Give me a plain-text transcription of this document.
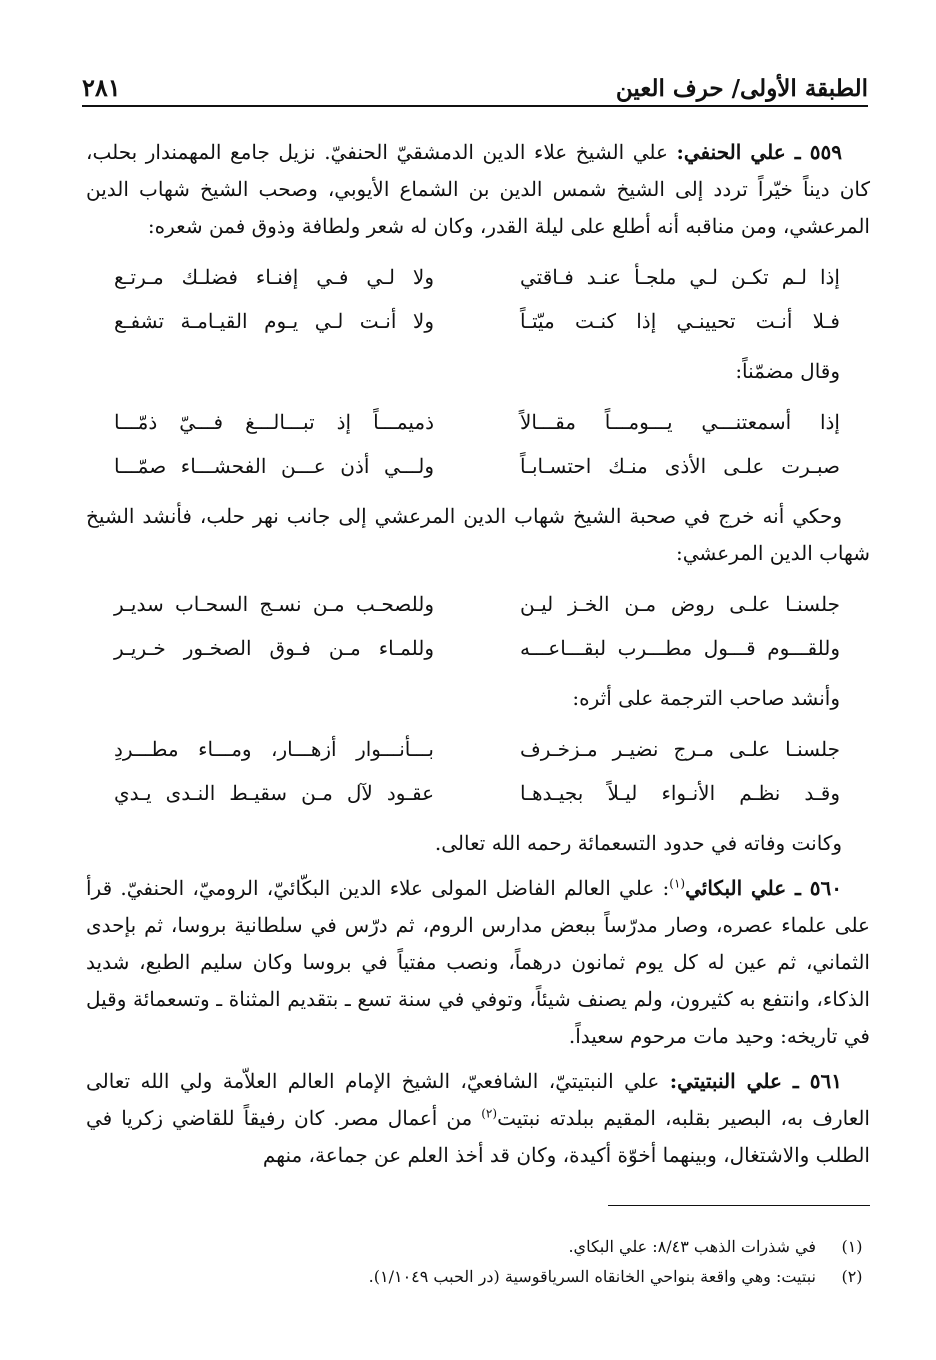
الطبقة الأولى/ حرف العين
٢٨١

٥٥٩ ـ علي الحنفي: علي الشيخ علاء الدين الدمشقيّ الحنفيّ. نزيل جامع المهمندار بحلب، كان ديناً خيّراً تردد إلى الشيخ شمس الدين بن الشماع الأيوبي، وصحب الشيخ شهاب الدين المرعشي، ومن مناقبه أنه أطلع على ليلة القدر، وكان له شعر ولطافة وذوق فمن شعره:

إذا لـم تكـن لـي ملجـأ عنـد فـاقتي
ولا لـي فـي إفنـاء فضلـك مـرتـع
فـلا أنـت تحيينـي إذا كنـت ميّتـاً
ولا أنـت لـي يـوم القيـامـة تشفـع
وقال مضمّناً:
إذا أسمعتنـــي يـــومـــاً مقـــالاً
ذميمـــاً إذ تبـــالـــغ فـــيّ ذمّـــا
صبـرت علـى الأذى منـك احتسـابـاً
ولـــي أذن عـــن الفحشـــاء صمّـــا

وحكي أنه خرج في صحبة الشيخ شهاب الدين المرعشي إلى جانب نهر حلب، فأنشد الشيخ شهاب الدين المرعشي:

جلسنـا علـى روض مـن الخـز ليـن
وللصحـب مـن نسـج السحـاب سديـر
وللقـــوم قـــول مطـــرب لبقـــاعـــه
وللمـاء مـن فـوق الصخـور خـريـر
وأنشد صاحب الترجمة على أثره:
جلسنـا علـى مـرج نضيـر مـزخـرف
بـــأنـــوار أزهـــار، ومـــاء مطـــردِ
وقـد نظـم الأنـواء ليـلاً بجيـدهـا
عقـود لآل مـن سقيـط النـدى يـدي

وكانت وفاته في حدود التسعمائة رحمه الله تعالى.

٥٦٠ ـ علي البكائي$^{(١)}$: علي العالم الفاضل المولى علاء الدين البكّائيّ، الروميّ، الحنفيّ. قرأ على علماء عصره، وصار مدرّساً ببعض مدارس الروم، ثم درّس في سلطانية بروسا، ثم بإحدى الثماني، ثم عين له كل يوم ثمانون درهماً، ونصب مفتياً في بروسا وكان سليم الطبع، شديد الذكاء، وانتفع به كثيرون، ولم يصنف شيئاً، وتوفي في سنة تسع ـ بتقديم المثناة ـ وتسعمائة وقيل في تاريخه: وحيد مات مرحوم سعيداً.

٥٦١ ـ علي النبتيتي: علي النبتيتيّ، الشافعيّ، الشيخ الإمام العالم العلاّمة ولي الله تعالى العارف به، البصير بقلبه، المقيم ببلدته نبتيت$^{(٢)}$ من أعمال مصر. كان رفيقاً للقاضي زكريا في الطلب والاشتغال، وبينهما أخوّة أكيدة، وكان قد أخذ العلم عن جماعة، منهم

(١)
في شذرات الذهب ٨/٤٣: علي البكاي.
(٢)
نبتيت: وهي واقعة بنواحي الخانقاه السرياقوسية (در الحبب ١/١٠٤٩).
